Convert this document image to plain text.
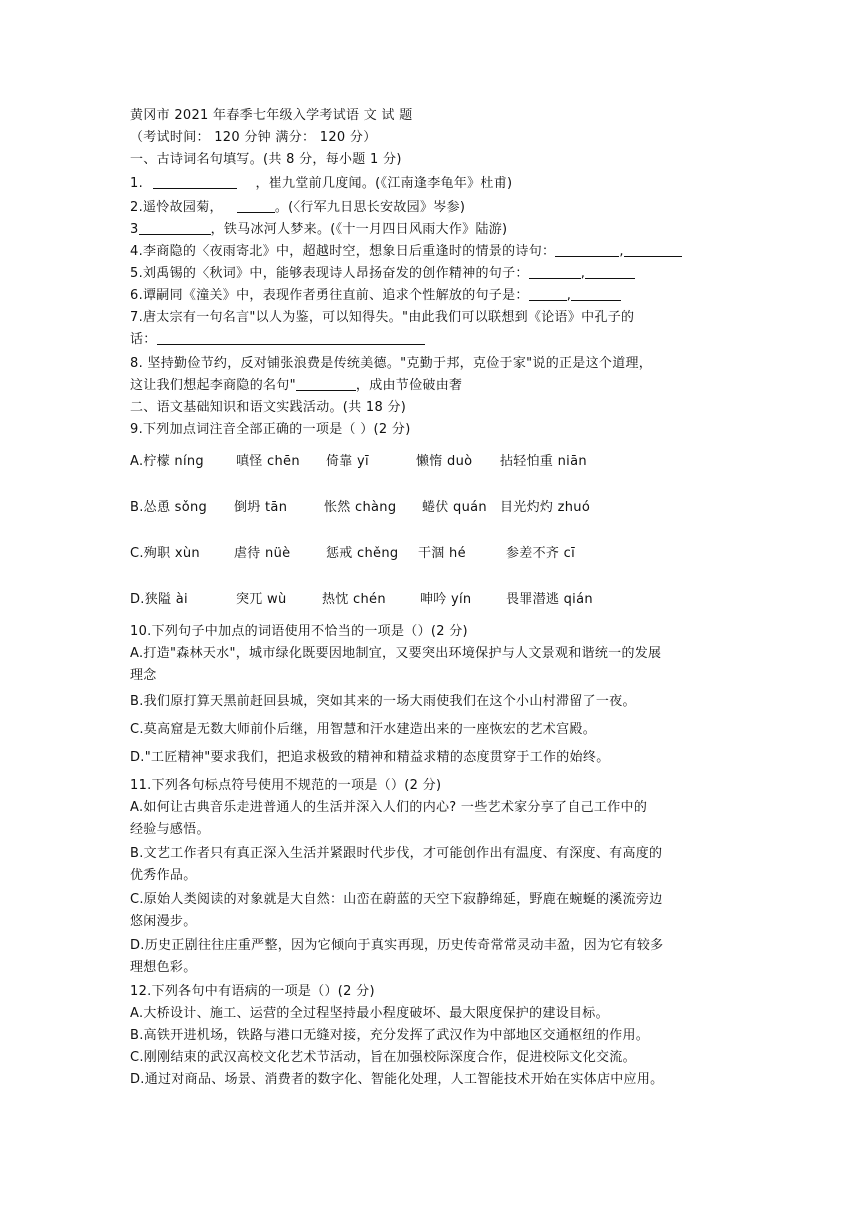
黄冈市 2021 年春季七年级入学考试语 文 试 题
（考试时间： 120 分钟 满分： 120 分）
一、古诗词名句填写。(共 8 分，每小题 1 分)
1.	，崔九堂前几度闻。(《江南逢李龟年》杜甫)
2.遥怜故园菊，	。(〈行军九日思长安故园》岑参)
3	，铁马冰河人梦来。(《十一月四日风雨大作》陆游)
4.李商隐的〈夜雨寄北》中，超越时空，想象日后重逢时的情景的诗句：	,
5.刘禹锡的〈秋词》中，能够表现诗人昂扬奋发的创作精神的句子：	,
6.谭嗣同《潼关》中，表现作者勇往直前、追求个性解放的句子是：	,
7.唐太宗有一句名言"以人为鉴，可以知得失。"由此我们可以联想到《论语》中孔子的
话：
8. 坚持勤俭节约，反对铺张浪费是传统美德。"克勤于邦，克俭于家"说的正是这个道理，
这让我们想起李商隐的名句"	，成由节俭破由奢
二、语文基础知识和语文实践活动。(共 18 分)
9.下列加点词注音全部正确的一项是（ ）(2 分)
A.柠檬 níng 嗔怪 chēn 倚靠 yī	懒惰 duò 拈轻怕重 niān
B.怂恿 sǒng 倒坍 tān	怅然 chàng 蜷伏 quán 目光灼灼 zhuó
C.殉职 xùn	虐待 nüè	惩戒 chěng 干涸 hé	参差不齐 cī
D.狭隘 ài	突兀 wù	热忱 chén	呻吟 yín	畏罪潜逃 qián
10.下列句子中加点的词语使用不恰当的一项是（）(2 分)
A.打造"森林天水"，城市绿化既要因地制宜，又要突出环境保护与人文景观和谐统一的发展
理念
B.我们原打算天黑前赶回县城，突如其来的一场大雨使我们在这个小山村滞留了一夜。
C.莫高窟是无数大师前仆后继，用智慧和汗水建造出来的一座恢宏的艺术宫殿。
D."工匠精神"要求我们，把追求极致的精神和精益求精的态度贯穿于工作的始终。
11.下列各句标点符号使用不规范的一项是（）(2 分)
A.如何让古典音乐走进普通人的生活并深入人们的内心? 一些艺术家分享了自己工作中的
经验与感悟。
B.文艺工作者只有真正深入生活并紧跟时代步伐，才可能创作出有温度、有深度、有高度的
优秀作品。
C.原始人类阅读的对象就是大自然：山峦在蔚蓝的天空下寂静绵延，野鹿在蜿蜒的溪流旁边
悠闲漫步。
D.历史正剧往往庄重严整，因为它倾向于真实再现，历史传奇常常灵动丰盈，因为它有较多
理想色彩。
12.下列各句中有语病的一项是（）(2 分)
A.大桥设计、施工、运营的全过程坚持最小程度破坏、最大限度保护的建设目标。
B.高铁开进机场，铁路与港口无缝对接，充分发挥了武汉作为中部地区交通枢纽的作用。
C.刚刚结束的武汉高校文化艺术节活动，旨在加强校际深度合作，促进校际文化交流。
D.通过对商品、场景、消费者的数字化、智能化处理，人工智能技术开始在实体店中应用。
